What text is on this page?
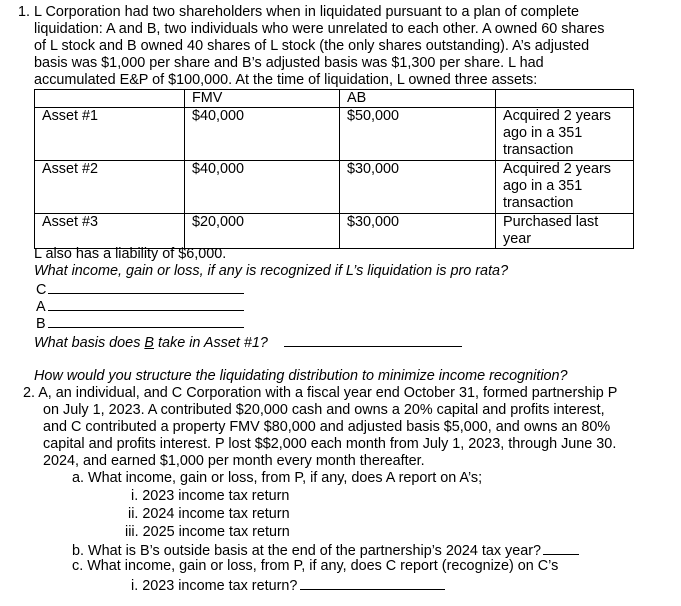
1. L Corporation had two shareholders when in liquidated pursuant to a plan of complete
liquidation: A and B, two individuals who were unrelated to each other. A owned 60 shares
of L stock and B owned 40 shares of L stock (the only shares outstanding). A’s adjusted
basis was $1,000 per share and B’s adjusted basis was $1,300 per share. L had
accumulated E&P of $100,000. At the time of liquidation, L owned three assets:
	FMV	AB	
Asset #1	$40,000	$50,000	Acquired 2 years
ago in a 351
transaction

Asset #2	$40,000	$30,000	Acquired 2 years
ago in a 351
transaction

Asset #3	$20,000	$30,000	Purchased last
year
L also has a liability of $6,000.
What income, gain or loss, if any is recognized if L’s liquidation is pro rata?
C
A
B
What basis does B take in Asset #1?
How would you structure the liquidating distribution to minimize income recognition?
2. A, an individual, and C Corporation with a fiscal year end October 31, formed partnership P
on July 1, 2023. A contributed $20,000 cash and owns a 20% capital and profits interest,
and C contributed a property FMV $80,000 and adjusted basis $5,000, and owns an 80%
capital and profits interest. P lost $$2,000 each month from July 1, 2023, through June 30.
2024, and earned $1,000 per month every month thereafter.
a. What income, gain or loss, from P, if any, does A report on A’s;
i. 2023 income tax return
ii. 2024 income tax return
iii. 2025 income tax return
b. What is B’s outside basis at the end of the partnership’s 2024 tax year?
c. What income, gain or loss, from P, if any, does C report (recognize) on C’s
i. 2023 income tax return?
